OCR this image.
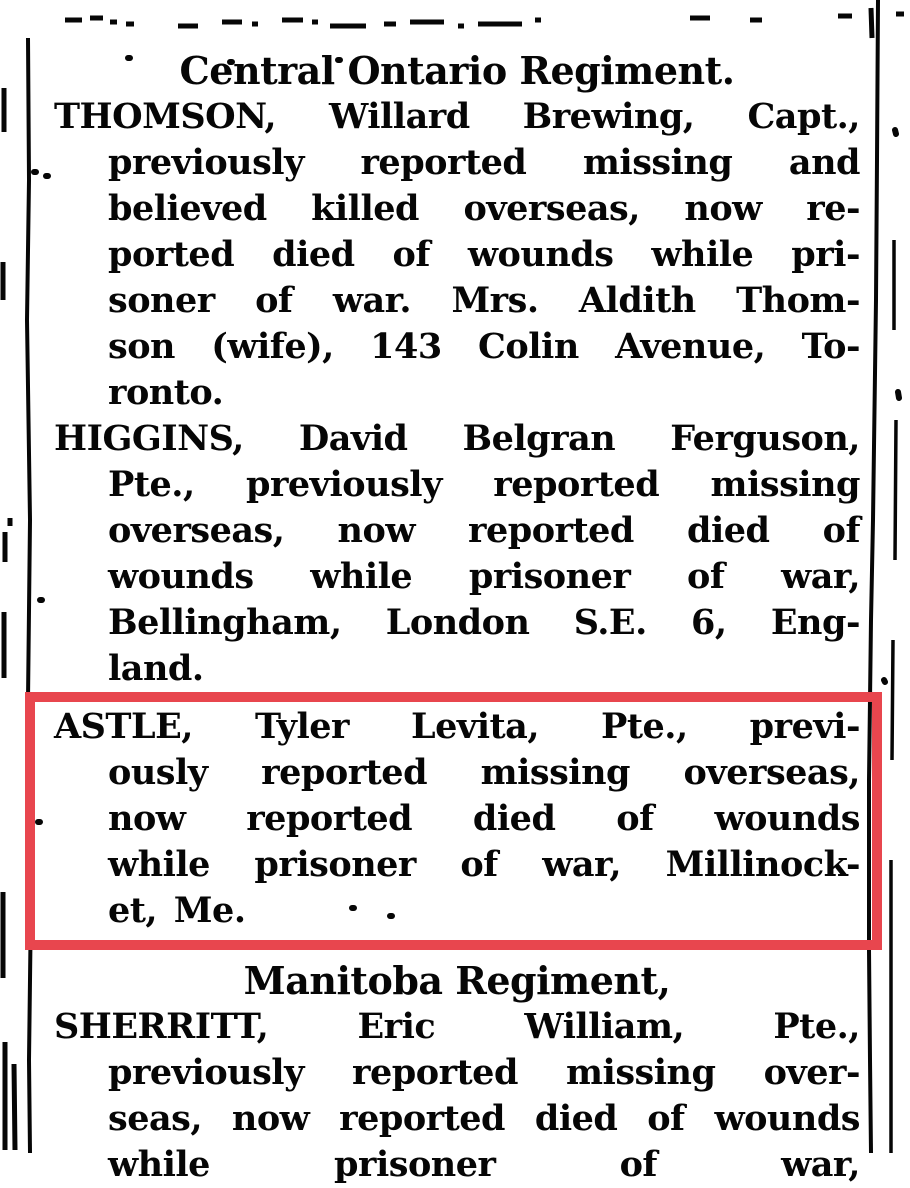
Central Ontario Regiment.
THOMSON, Willard Brewing, Capt.,
previously reported missing and
believed killed overseas, now re-
ported died of wounds while pri-
soner of war. Mrs. Aldith Thom-
son (wife), 143 Colin Avenue, To-
ronto.
HIGGINS, David Belgran Ferguson,
Pte., previously reported missing
overseas, now reported died of
wounds while prisoner of war,
Bellingham, London S.E. 6, Eng-
land.
ASTLE, Tyler Levita, Pte., previ-
ously reported missing overseas,
now reported died of wounds
while prisoner of war, Millinock-
et, Me.
Manitoba Regiment,
SHERRITT, Eric William, Pte.,
previously reported missing over-
seas, now reported died of wounds
while prisoner of war,
